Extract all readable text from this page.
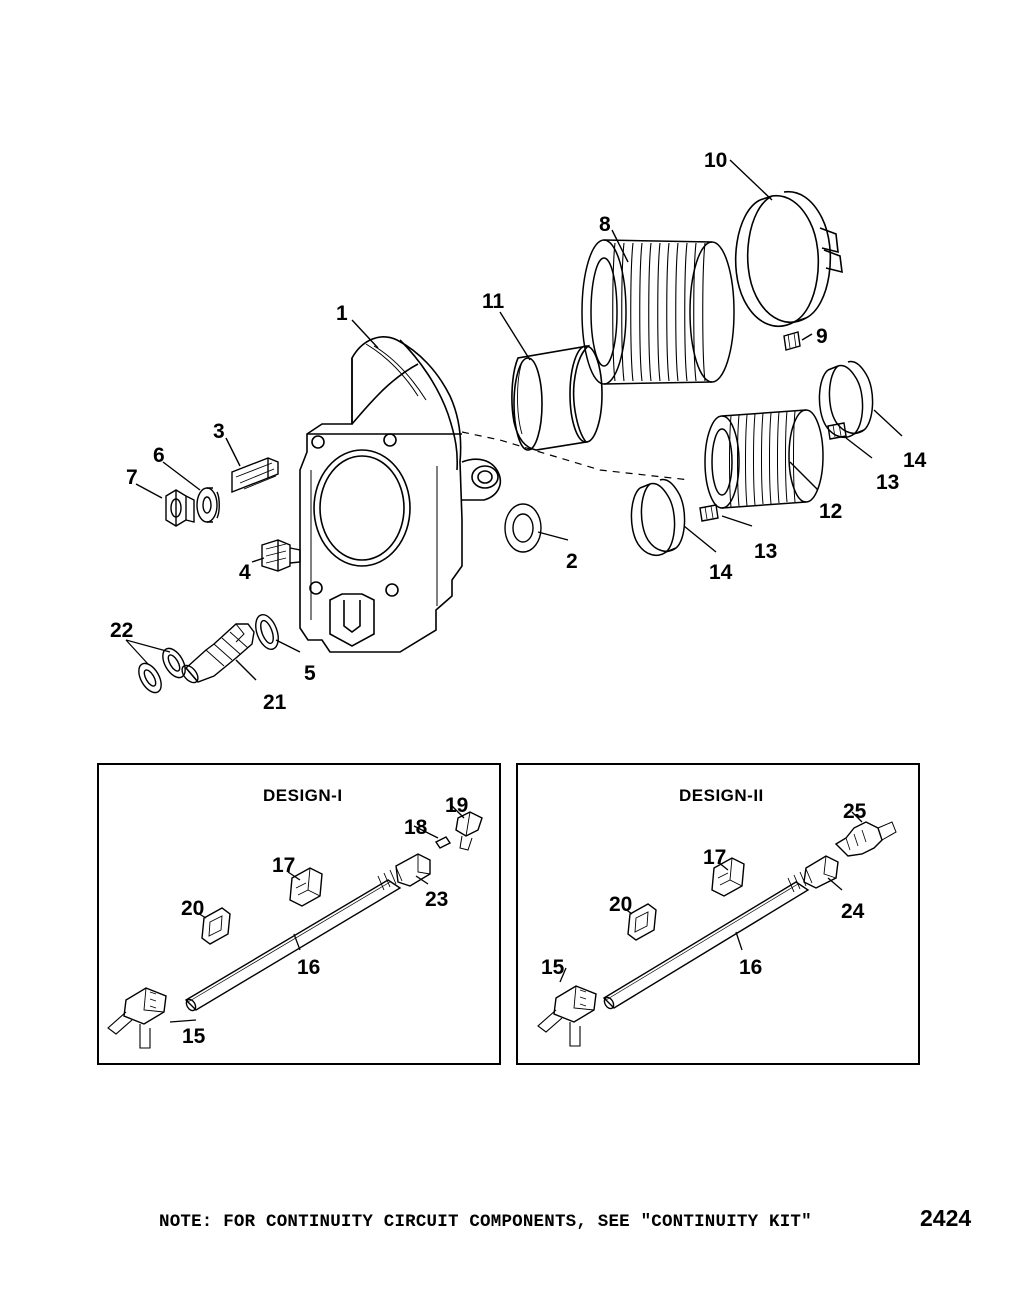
1
2
3
4
5
6
7
8
9
10
11
12
13
13
14
14
21
22
DESIGN-I
15
16
17
18
19
20	23
DESIGN-II
15	16
17
20	24
25
NOTE: FOR CONTINUITY CIRCUIT COMPONENTS, SEE "CONTINUITY KIT"	2424
